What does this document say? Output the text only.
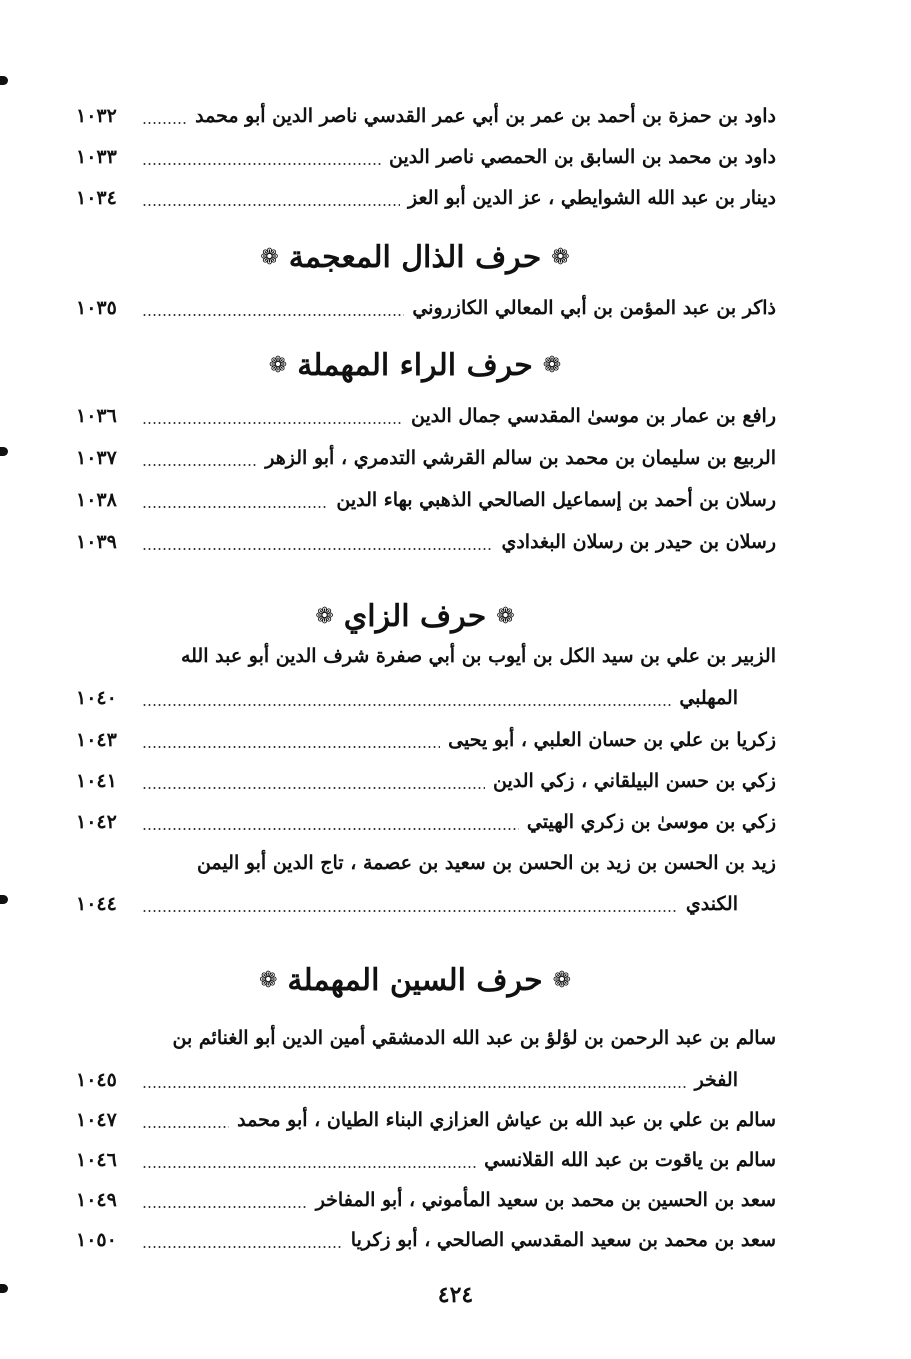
داود بن حمزة بن أحمد بن عمر بن أبي عمر القدسي ناصر الدين أبو محمد
١٠٣٢
داود بن محمد بن السابق بن الحمصي ناصر الدين
١٠٣٣
دينار بن عبد الله الشوايطي ، عز الدين أبو العز
١٠٣٤
❁
حرف الذال المعجمة
❁
ذاكر بن عبد المؤمن بن أبي المعالي الكازروني
١٠٣٥
❁
حرف الراء المهملة
❁
رافع بن عمار بن موسىٰ المقدسي جمال الدين
١٠٣٦
الربيع بن سليمان بن محمد بن سالم القرشي التدمري ، أبو الزهر
١٠٣٧
رسلان بن أحمد بن إسماعيل الصالحي الذهبي بهاء الدين
١٠٣٨
رسلان بن حيدر بن رسلان البغدادي
١٠٣٩
❁
حرف الزاي
❁
الزبير بن علي بن سيد الكل بن أيوب بن أبي صفرة شرف الدين أبو عبد الله
المهلبي
١٠٤٠
زكريا بن علي بن حسان العلبي ، أبو يحيى
١٠٤٣
زكي بن حسن البيلقاني ، زكي الدين
١٠٤١
زكي بن موسىٰ بن زكري الهيتي
١٠٤٢
زيد بن الحسن بن زيد بن الحسن بن سعيد بن عصمة ، تاج الدين أبو اليمن
الكندي
١٠٤٤
❁
حرف السين المهملة
❁
سالم بن عبد الرحمن بن لؤلؤ بن عبد الله الدمشقي أمين الدين أبو الغنائم بن
الفخر
١٠٤٥
سالم بن علي بن عبد الله بن عياش العزازي البناء الطيان ، أبو محمد
١٠٤٧
سالم بن ياقوت بن عبد الله القلانسي
١٠٤٦
سعد بن الحسين بن محمد بن سعيد المأموني ، أبو المفاخر
١٠٤٩
سعد بن محمد بن سعيد المقدسي الصالحي ، أبو زكريا
١٠٥٠
٤٢٤
